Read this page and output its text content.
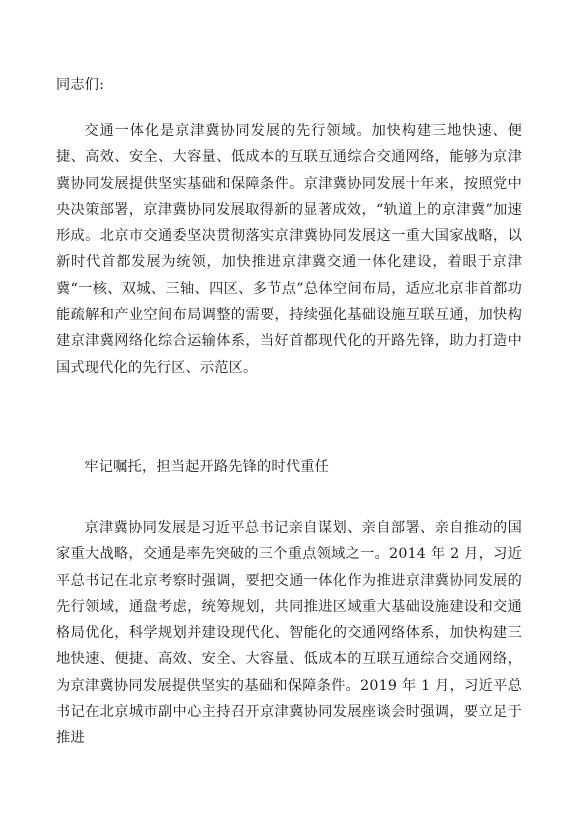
同志们:

交通一体化是京津冀协同发展的先行领域。加快构建三地快速、便捷、高效、安全、大容量、低成本的互联互通综合交通网络，能够为京津冀协同发展提供坚实基础和保障条件。京津冀协同发展十年来，按照党中央决策部署，京津冀协同发展取得新的显著成效，“轨道上的京津冀”加速形成。北京市交通委坚决贯彻落实京津冀协同发展这一重大国家战略，以新时代首都发展为统领，加快推进京津冀交通一体化建设，着眼于京津冀“一核、双城、三轴、四区、多节点”总体空间布局，适应北京非首都功能疏解和产业空间布局调整的需要，持续强化基础设施互联互通，加快构建京津冀网络化综合运输体系，当好首都现代化的开路先锋，助力打造中国式现代化的先行区、示范区。

牢记嘱托，担当起开路先锋的时代重任

京津冀协同发展是习近平总书记亲自谋划、亲自部署、亲自推动的国家重大战略，交通是率先突破的三个重点领域之一。2014 年 2 月，习近平总书记在北京考察时强调，要把交通一体化作为推进京津冀协同发展的先行领域，通盘考虑，统筹规划，共同推进区域重大基础设施建设和交通格局优化，科学规划并建设现代化、智能化的交通网络体系，加快构建三地快速、便捷、高效、安全、大容量、低成本的互联互通综合交通网络，为京津冀协同发展提供坚实的基础和保障条件。2019 年 1 月，习近平总书记在北京城市副中心主持召开京津冀协同发展座谈会时强调，要立足于推进
